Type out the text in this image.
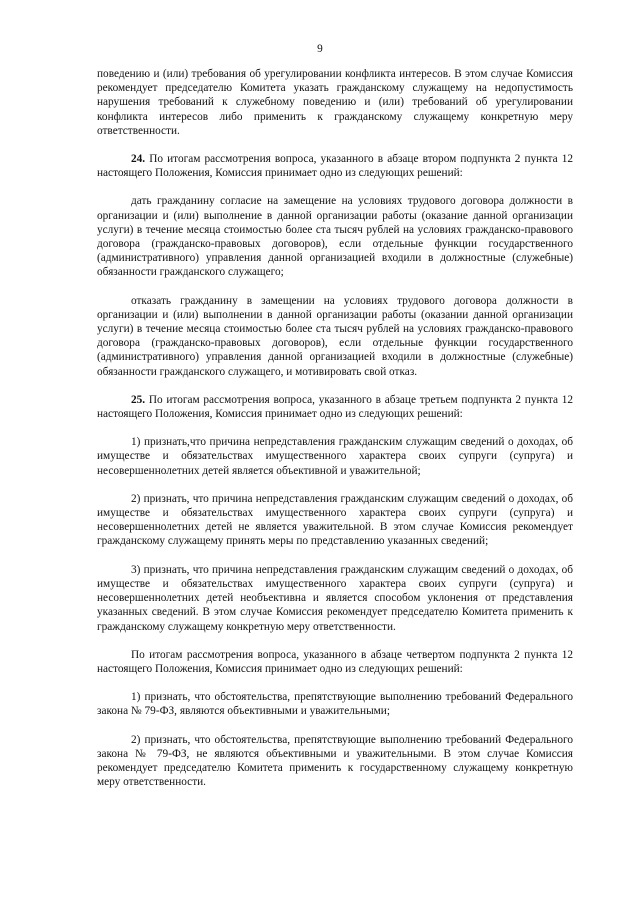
9

поведению и (или) требования об урегулировании конфликта интересов. В этом случае Комиссия рекомендует председателю Комитета указать гражданскому служащему на недопустимость нарушения требований к служебному поведению и (или) требований об урегулировании конфликта интересов либо применить к гражданскому служащему конкретную меру ответственности.

24. По итогам рассмотрения вопроса, указанного в абзаце втором подпункта 2 пункта 12 настоящего Положения, Комиссия принимает одно из следующих решений:

дать гражданину согласие на замещение на условиях трудового договора должности в организации и (или) выполнение в данной организации работы (оказание данной организации услуги) в течение месяца стоимостью более ста тысяч рублей на условиях гражданско-правового договора (гражданско-правовых договоров), если отдельные функции государственного (административного) управления данной организацией входили в должностные (служебные) обязанности гражданского служащего;

отказать гражданину в замещении на условиях трудового договора должности в организации и (или) выполнении в данной организации работы (оказании данной организации услуги) в течение месяца стоимостью более ста тысяч рублей на условиях гражданско-правового договора (гражданско-правовых договоров), если отдельные функции государственного (административного) управления данной организацией входили в должностные (служебные) обязанности гражданского служащего, и мотивировать свой отказ.

25. По итогам рассмотрения вопроса, указанного в абзаце третьем подпункта 2 пункта 12 настоящего Положения, Комиссия принимает одно из следующих решений:

1) признать,что причина непредставления гражданским служащим сведений о доходах, об имуществе и обязательствах имущественного характера своих супруги (супруга) и несовершеннолетних детей является объективной и уважительной;

2) признать, что причина непредставления гражданским служащим сведений о доходах, об имуществе и обязательствах имущественного характера своих супруги (супруга) и несовершеннолетних детей не является уважительной. В этом случае Комиссия рекомендует гражданскому служащему принять меры по представлению указанных сведений;

3) признать, что причина непредставления гражданским служащим сведений о доходах, об имуществе и обязательствах имущественного характера своих супруги (супруга) и несовершеннолетних детей необъективна и является способом уклонения от представления указанных сведений. В этом случае Комиссия рекомендует председателю Комитета применить к гражданскому служащему конкретную меру ответственности.

По итогам рассмотрения вопроса, указанного в абзаце четвертом подпункта 2 пункта 12 настоящего Положения, Комиссия принимает одно из следующих решений:

1) признать, что обстоятельства, препятствующие выполнению требований Федерального закона № 79-ФЗ, являются объективными и уважительными;

2) признать, что обстоятельства, препятствующие выполнению требований Федерального закона № 79-ФЗ, не являются объективными и уважительными. В этом случае Комиссия рекомендует председателю Комитета применить к государственному служащему конкретную меру ответственности.
